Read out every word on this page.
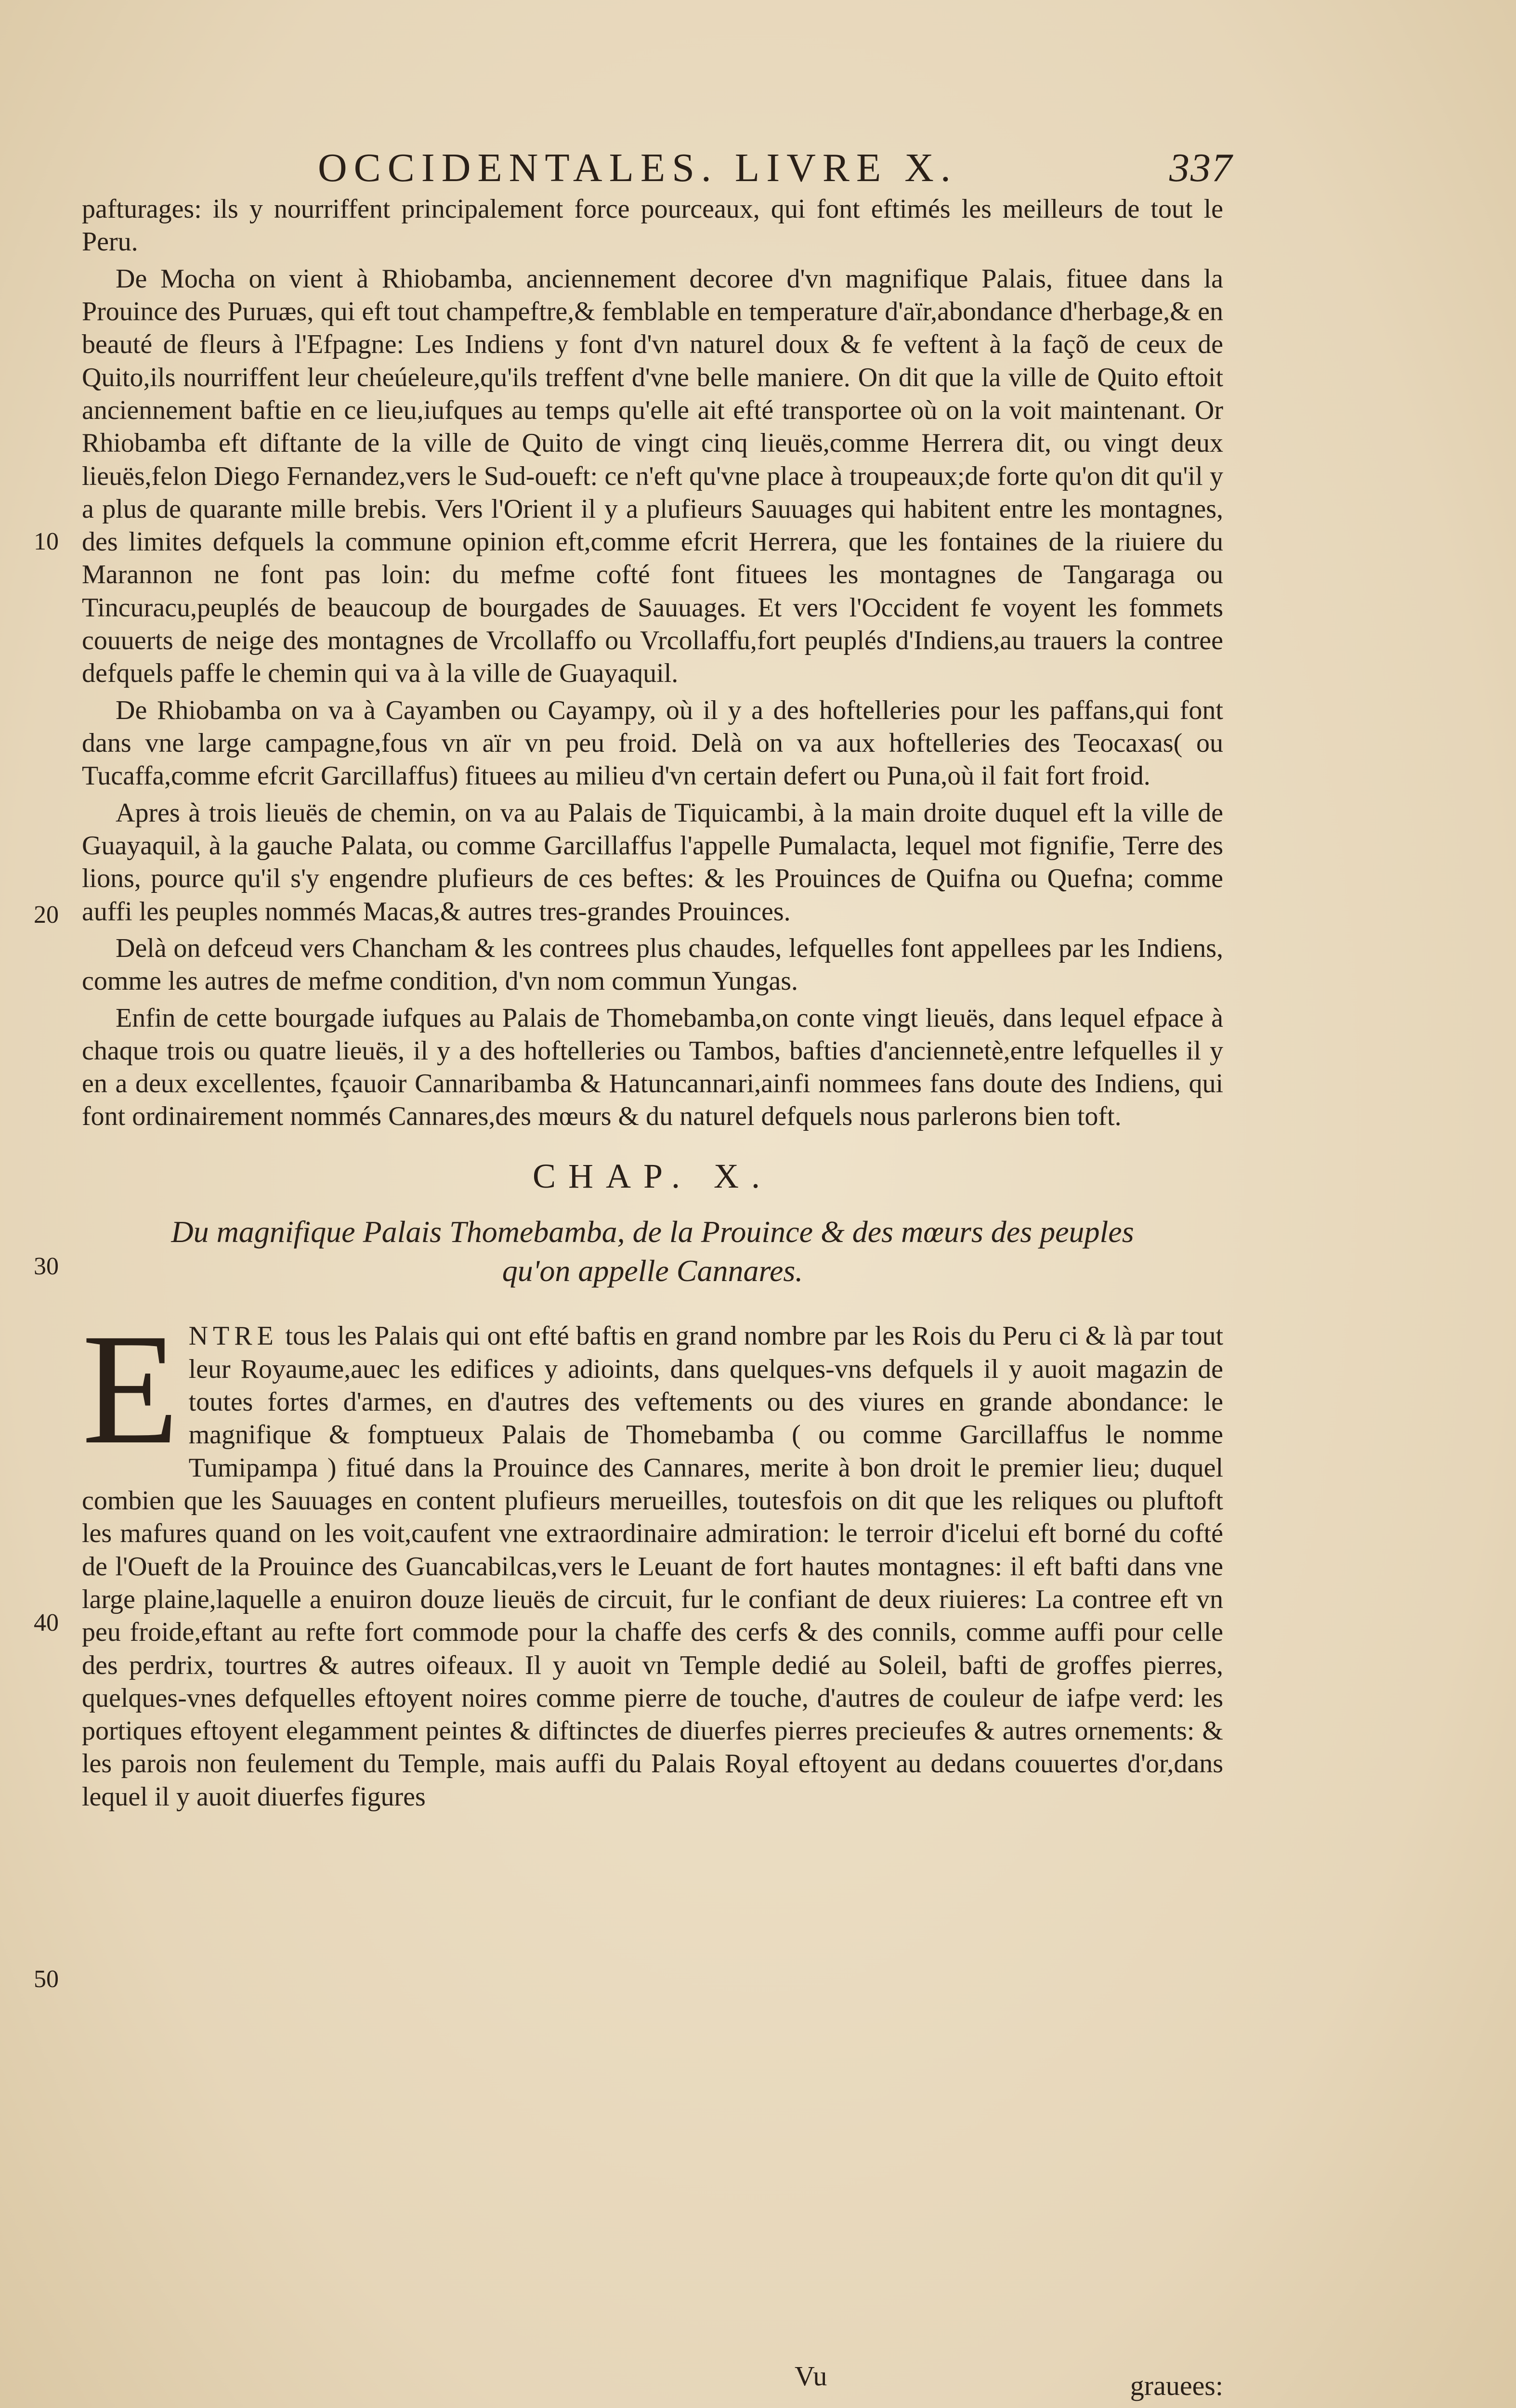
OCCIDENTALES. LIVRE X.	337
10
20
30
40
50

pafturages: ils y nourriffent principalement force pourceaux, qui font eftimés les meilleurs de tout le Peru.

De Mocha on vient à Rhiobamba, anciennement decoree d'vn magnifique Palais, fituee dans la Prouince des Puruæs, qui eft tout champeftre,& femblable en temperature d'aïr,abondance d'herbage,& en beauté de fleurs à l'Efpagne: Les Indiens y font d'vn naturel doux & fe veftent à la façõ de ceux de Quito,ils nourriffent leur cheúeleure,qu'ils treffent d'vne belle maniere. On dit que la ville de Quito eftoit anciennement baftie en ce lieu,iufques au temps qu'elle ait efté transportee où on la voit maintenant. Or Rhiobamba eft diftante de la ville de Quito de vingt cinq lieuës,comme Herrera dit, ou vingt deux lieuës,felon Diego Fernandez,vers le Sud-oueft: ce n'eft qu'vne place à troupeaux;de forte qu'on dit qu'il y a plus de quarante mille brebis. Vers l'Orient il y a plufieurs Sauuages qui habitent entre les montagnes, des limites defquels la commune opinion eft,comme efcrit Herrera, que les fontaines de la riuiere du Marannon ne font pas loin: du mefme cofté font fituees les montagnes de Tangaraga ou Tincuracu,peuplés de beaucoup de bourgades de Sauuages. Et vers l'Occident fe voyent les fommets couuerts de neige des montagnes de Vrcollaffo ou Vrcollaffu,fort peuplés d'Indiens,au trauers la contree defquels paffe le chemin qui va à la ville de Guayaquil.

De Rhiobamba on va à Cayamben ou Cayampy, où il y a des hoftelleries pour les paffans,qui font dans vne large campagne,fous vn aïr vn peu froid. Delà on va aux hoftelleries des Teocaxas( ou Tucaffa,comme efcrit Garcillaffus) fituees au milieu d'vn certain defert ou Puna,où il fait fort froid.

Apres à trois lieuës de chemin, on va au Palais de Tiquicambi, à la main droite duquel eft la ville de Guayaquil, à la gauche Palata, ou comme Garcillaffus l'appelle Pumalacta, lequel mot fignifie, Terre des lions, pource qu'il s'y engendre plufieurs de ces beftes: & les Prouinces de Quifna ou Quefna; comme auffi les peuples nommés Macas,& autres tres-grandes Prouinces.

Delà on defceud vers Chancham & les contrees plus chaudes, lefquelles font appellees par les Indiens, comme les autres de mefme condition, d'vn nom commun Yungas.

Enfin de cette bourgade iufques au Palais de Thomebamba,on conte vingt lieuës, dans lequel efpace à chaque trois ou quatre lieuës, il y a des hoftelleries ou Tambos, bafties d'anciennetè,entre lefquelles il y en a deux excellentes, fçauoir Cannaribamba & Hatuncannari,ainfi nommees fans doute des Indiens, qui font ordinairement nommés Cannares,des mœurs & du naturel defquels nous parlerons bien toft.

CHAP. X.
Du magnifique Palais Thomebamba, de la Prouince & des mœurs des peuples qu'on appelle Cannares.

ENTRE tous les Palais qui ont efté baftis en grand nombre par les Rois du Peru ci & là par tout leur Royaume,auec les edifices y adioints, dans quelques-vns defquels il y auoit magazin de toutes fortes d'armes, en d'autres des veftements ou des viures en grande abondance: le magnifique & fomptueux Palais de Thomebamba ( ou comme Garcillaffus le nomme Tumipampa ) fitué dans la Prouince des Cannares, merite à bon droit le premier lieu; duquel combien que les Sauuages en content plufieurs merueilles, toutesfois on dit que les reliques ou pluftoft les mafures quand on les voit,caufent vne extraordinaire admiration: le terroir d'icelui eft borné du cofté de l'Oueft de la Prouince des Guancabilcas,vers le Leuant de fort hautes montagnes: il eft bafti dans vne large plaine,laquelle a enuiron douze lieuës de circuit, fur le confiant de deux riuieres: La contree eft vn peu froide,eftant au refte fort commode pour la chaffe des cerfs & des connils, comme auffi pour celle des perdrix, tourtres & autres oifeaux. Il y auoit vn Temple dedié au Soleil, bafti de groffes pierres, quelques-vnes defquelles eftoyent noires comme pierre de touche, d'autres de couleur de iafpe verd: les portiques eftoyent elegamment peintes & diftinctes de diuerfes pierres precieufes & autres ornements: & les parois non feulement du Temple, mais auffi du Palais Royal eftoyent au dedans couuertes d'or,dans lequel il y auoit diuerfes figures

Vu	grauees:
